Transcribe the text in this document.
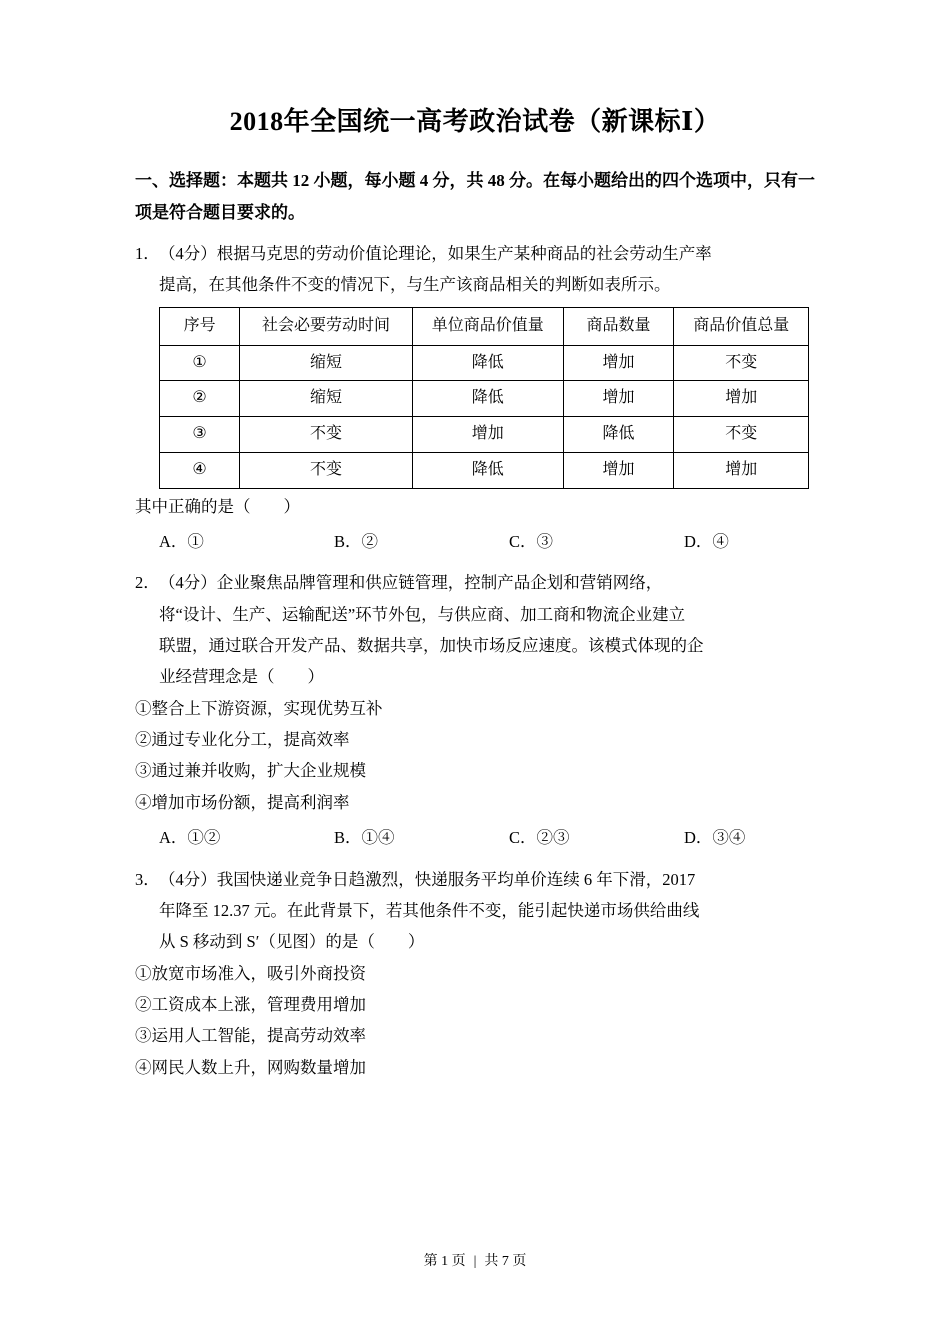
2018年全国统一高考政治试卷（新课标Ⅰ）
一、选择题：本题共 12 小题，每小题 4 分，共 48 分。在每小题给出的四个选项中，只有一项是符合题目要求的。
1． （4分）根据马克思的劳动价值论理论，如果生产某种商品的社会劳动生产率
提高，在其他条件不变的情况下，与生产该商品相关的判断如表所示。
序号	社会必要劳动时间	单位商品价值量	商品数量	商品价值总量
①	缩短	降低	增加	不变
②	缩短	降低	增加	增加
③	不变	增加	降低	不变
④	不变	降低	增加	增加
其中正确的是（　　）
A．①	B．②	C．③	D．④
2． （4分）企业聚焦品牌管理和供应链管理，控制产品企划和营销网络，
将“设计、生产、运输配送”环节外包，与供应商、加工商和物流企业建立
联盟，通过联合开发产品、数据共享，加快市场反应速度。该模式体现的企
业经营理念是（　　）
①整合上下游资源，实现优势互补
②通过专业化分工，提高效率
③通过兼并收购，扩大企业规模
④增加市场份额，提高利润率
A．①②	B．①④	C．②③	D．③④
3． （4分）我国快递业竞争日趋激烈，快递服务平均单价连续 6 年下滑，2017
年降至 12.37 元。在此背景下，若其他条件不变，能引起快递市场供给曲线
从 S 移动到 S′（见图）的是（　　）
①放宽市场准入，吸引外商投资
②工资成本上涨，管理费用增加
③运用人工智能，提高劳动效率
④网民人数上升，网购数量增加
第 1 页 | 共 7 页
